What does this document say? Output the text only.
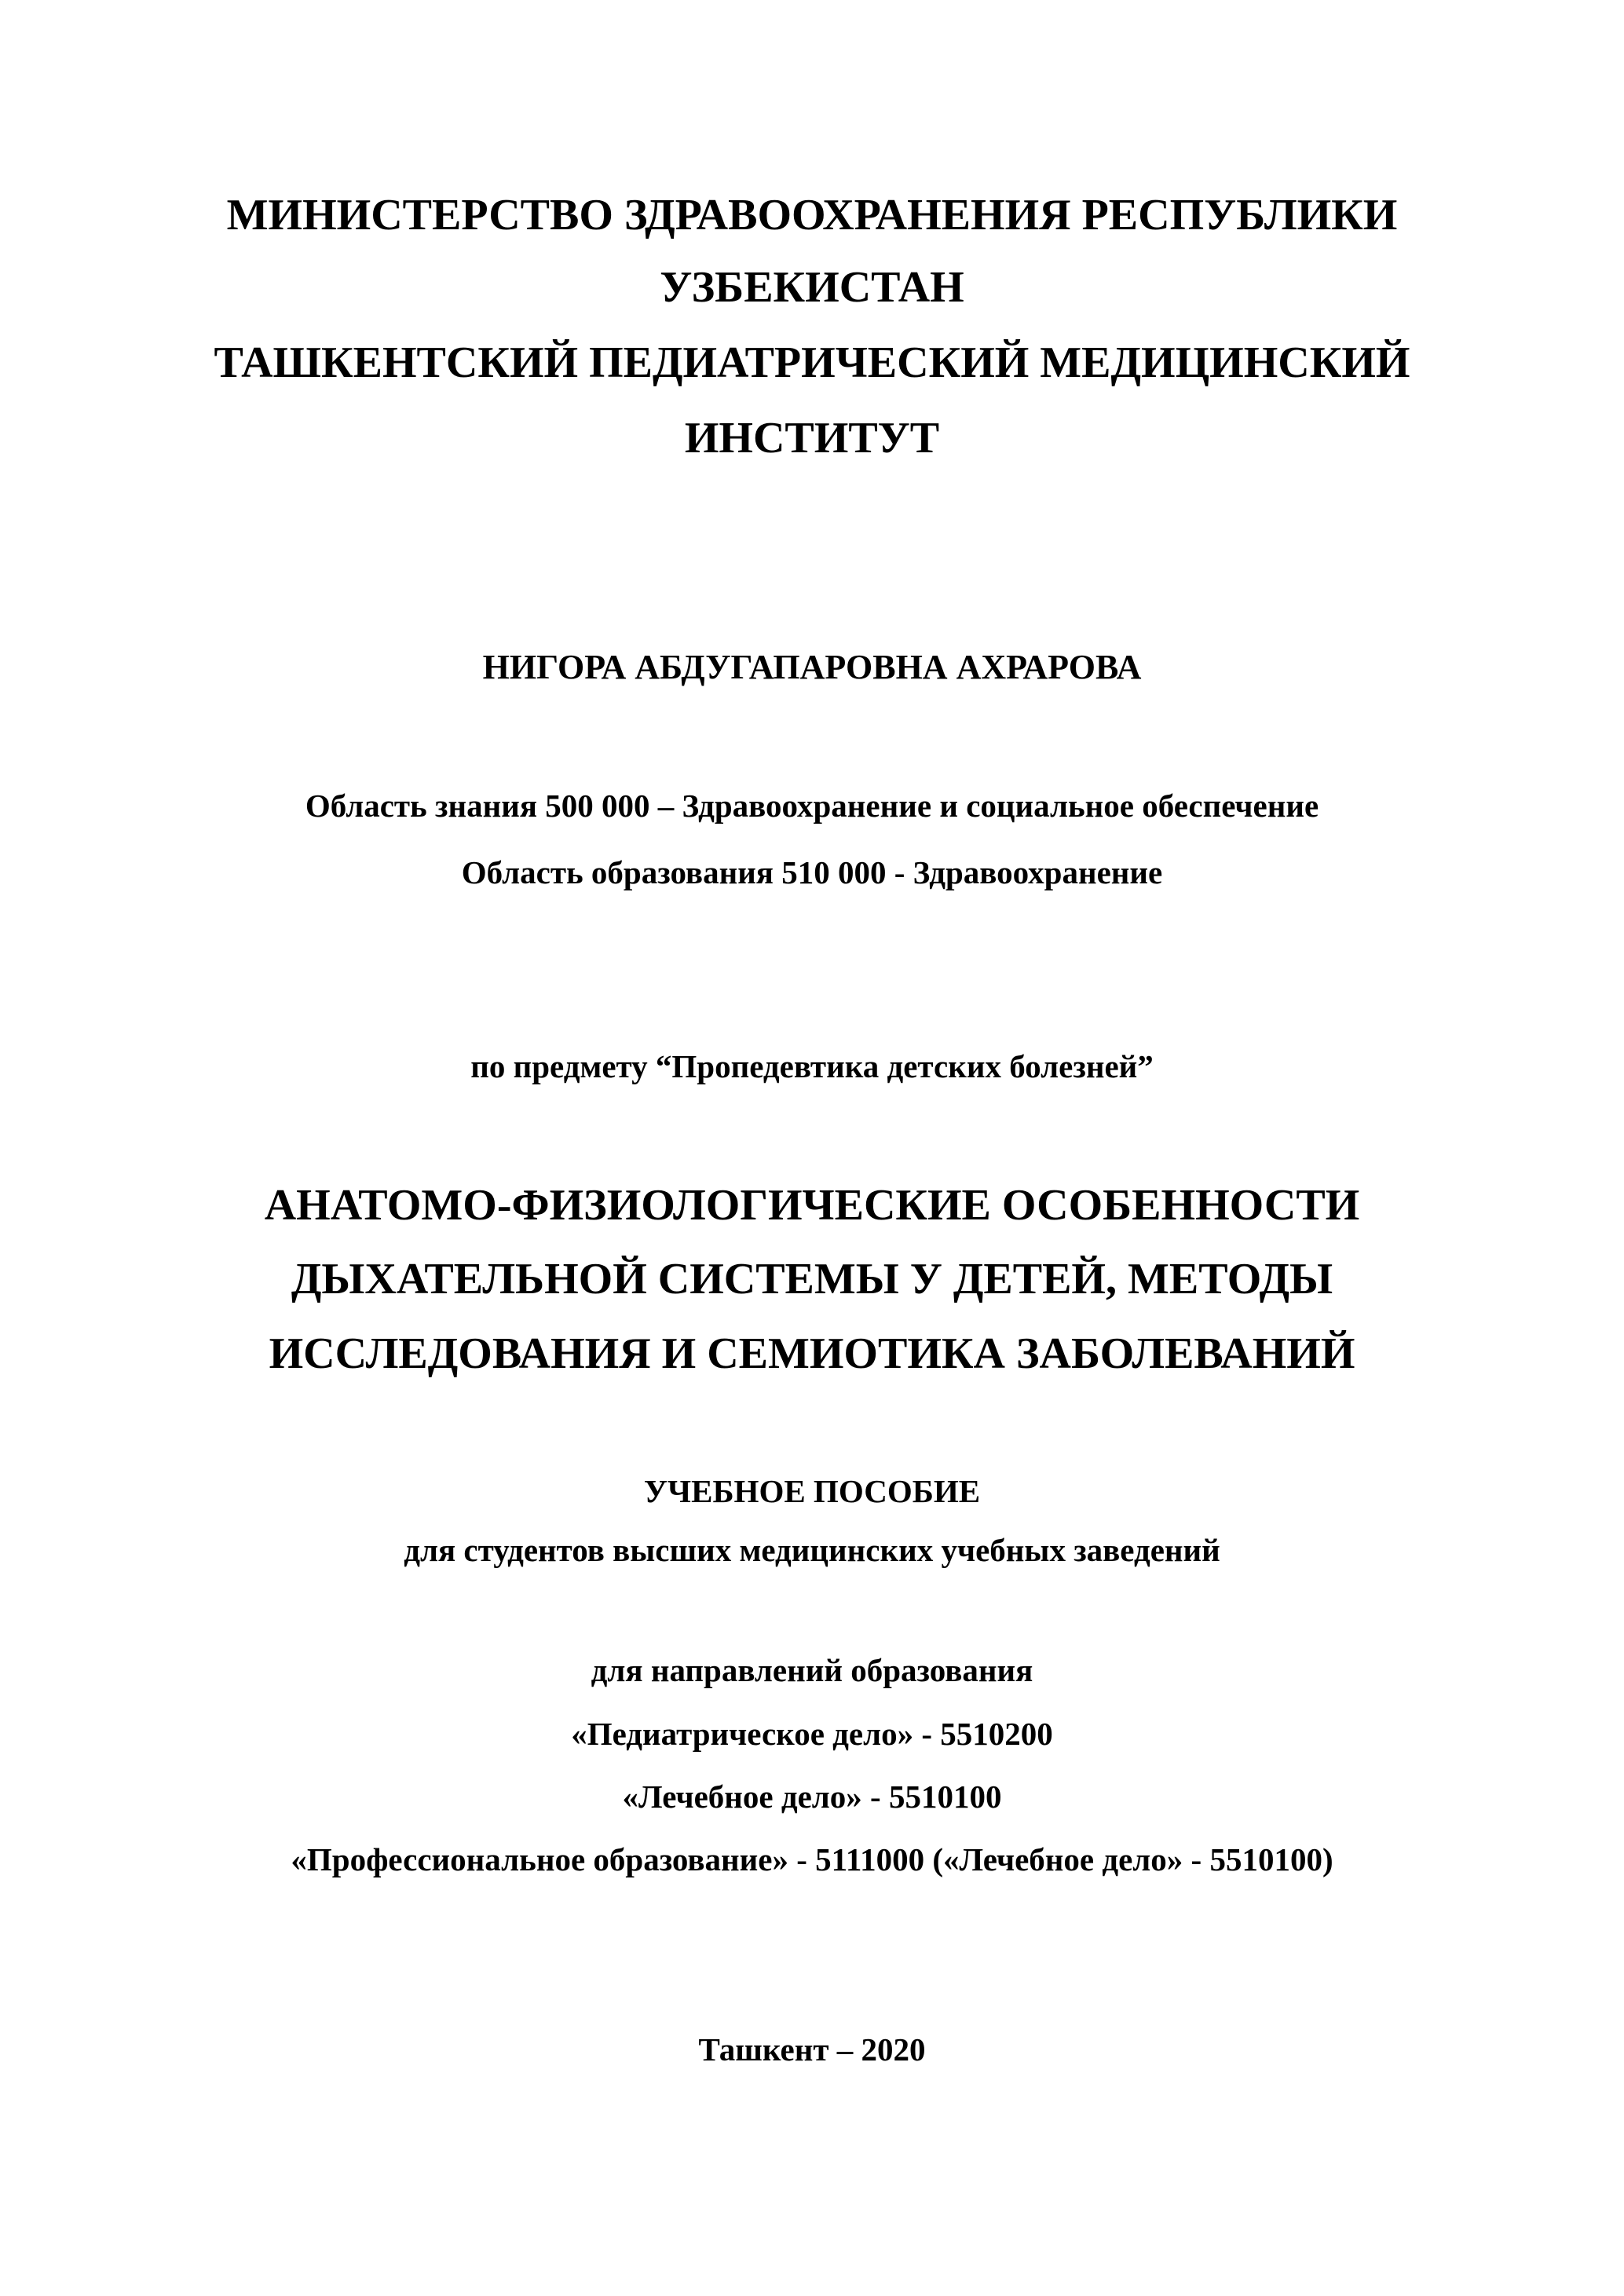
МИНИСТЕРСТВО ЗДРАВООХРАНЕНИЯ РЕСПУБЛИКИ
УЗБЕКИСТАН
ТАШКЕНТСКИЙ ПЕДИАТРИЧЕСКИЙ МЕДИЦИНСКИЙ
ИНСТИТУТ
НИГОРА АБДУГАПАРОВНА АХРАРОВА
Область знания 500 000 – Здравоохранение и социальное обеспечение
Область образования 510 000 - Здравоохранение
по предмету “Пропедевтика детских болезней”
АНАТОМО-ФИЗИОЛОГИЧЕСКИЕ ОСОБЕННОСТИ
ДЫХАТЕЛЬНОЙ СИСТЕМЫ У ДЕТЕЙ, МЕТОДЫ
ИССЛЕДОВАНИЯ И СЕМИОТИКА ЗАБОЛЕВАНИЙ
УЧЕБНОЕ ПОСОБИЕ
для студентов высших медицинских учебных заведений
для направлений образования
«Педиатрическое дело» - 5510200
«Лечебное дело» - 5510100
«Профессиональное образование» - 5111000 («Лечебное дело» - 5510100)
Ташкент – 2020
